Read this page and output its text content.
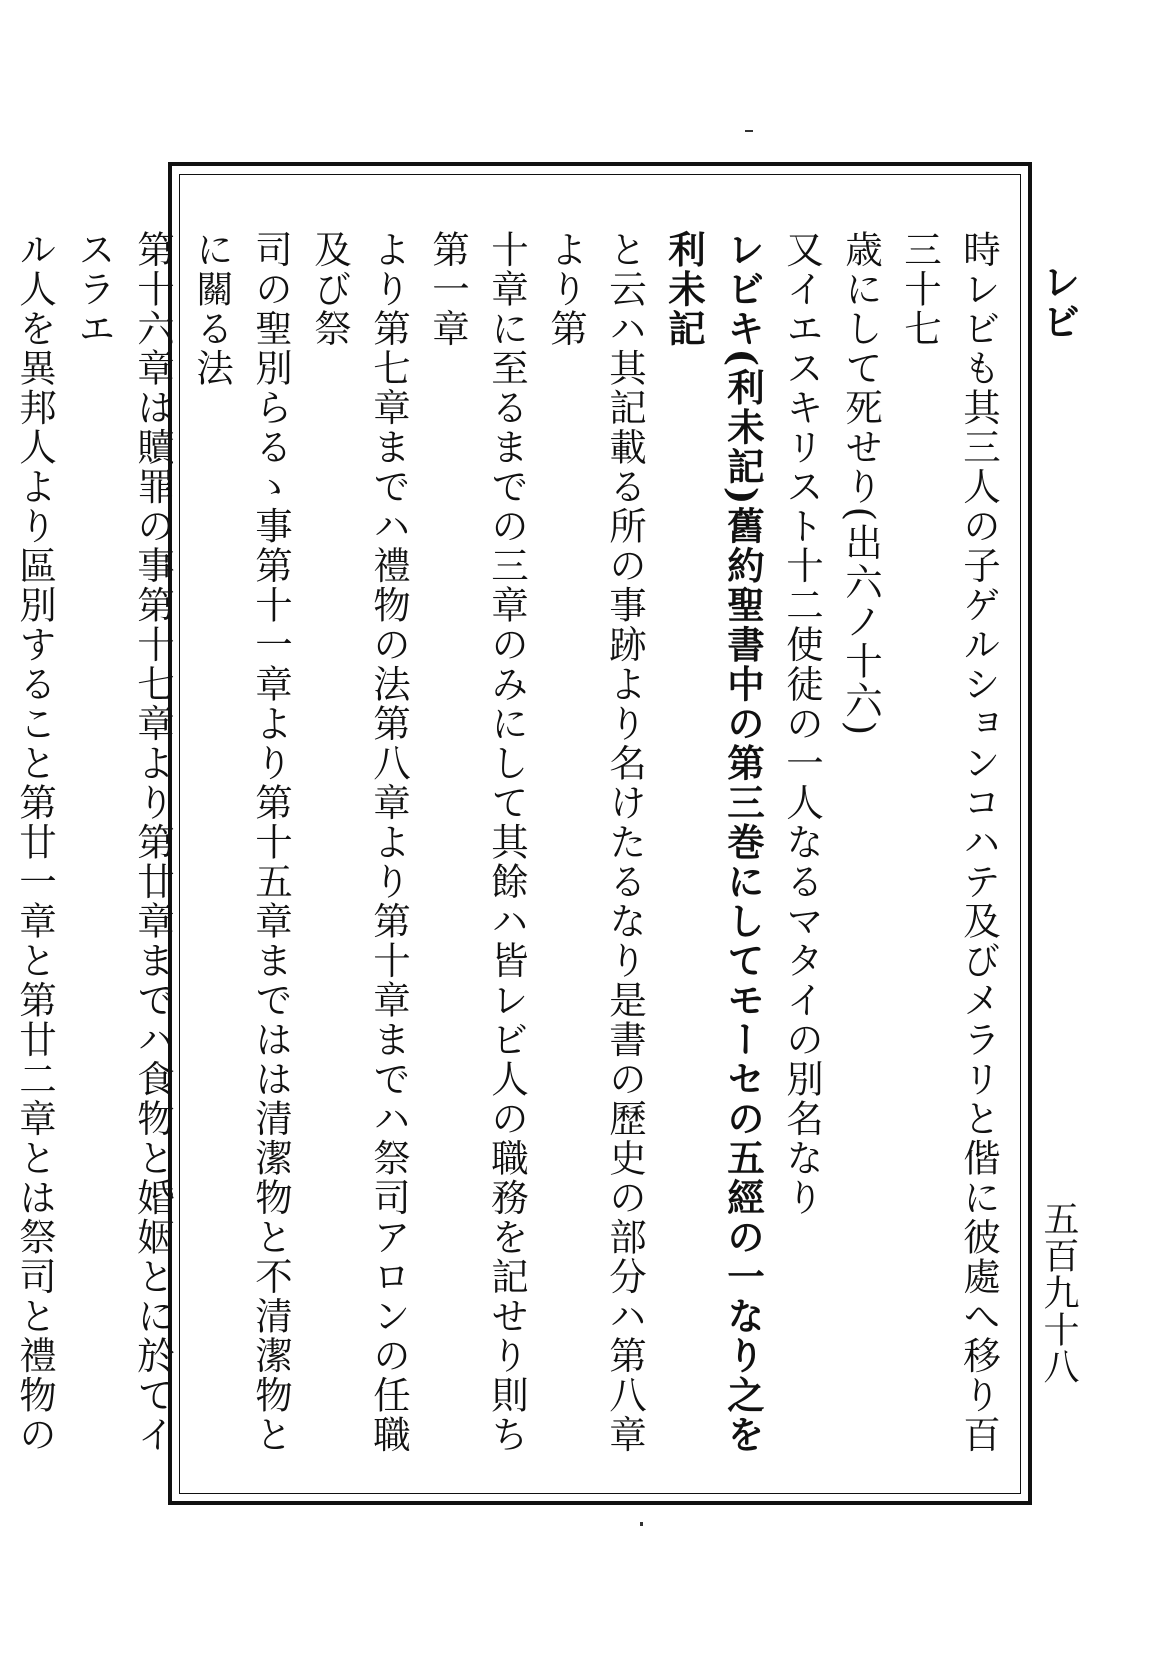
レビ
五百九十八
時レビも其三人の子ゲルションコハテ及びメラリと偕に彼處へ移り百三十七
歳にして死せり(出六ノ十六)
又イエスキリスト十二使徒の一人なるマタイの別名なり
レビキ(利未記)舊約聖書中の第三巻にしてモーセの五經の一なり之を利未記
と云ハ其記載る所の事跡より名けたるなり是書の歷史の部分ハ第八章より第
十章に至るまでの三章のみにして其餘ハ皆レビ人の職務を記せり則ち第一章
より第七章までハ禮物の法第八章より第十章までハ祭司アロンの任職及び祭
司の聖別らるゝ事第十一章より第十五章まではは清潔物と不清潔物とに關る法
第十六章は贖罪の事第十七章より第廿章までハ食物と婚姻とに於てイスラエ
ル人を異邦人より區別すること第廿一章と第廿二章とは祭司と禮物の
